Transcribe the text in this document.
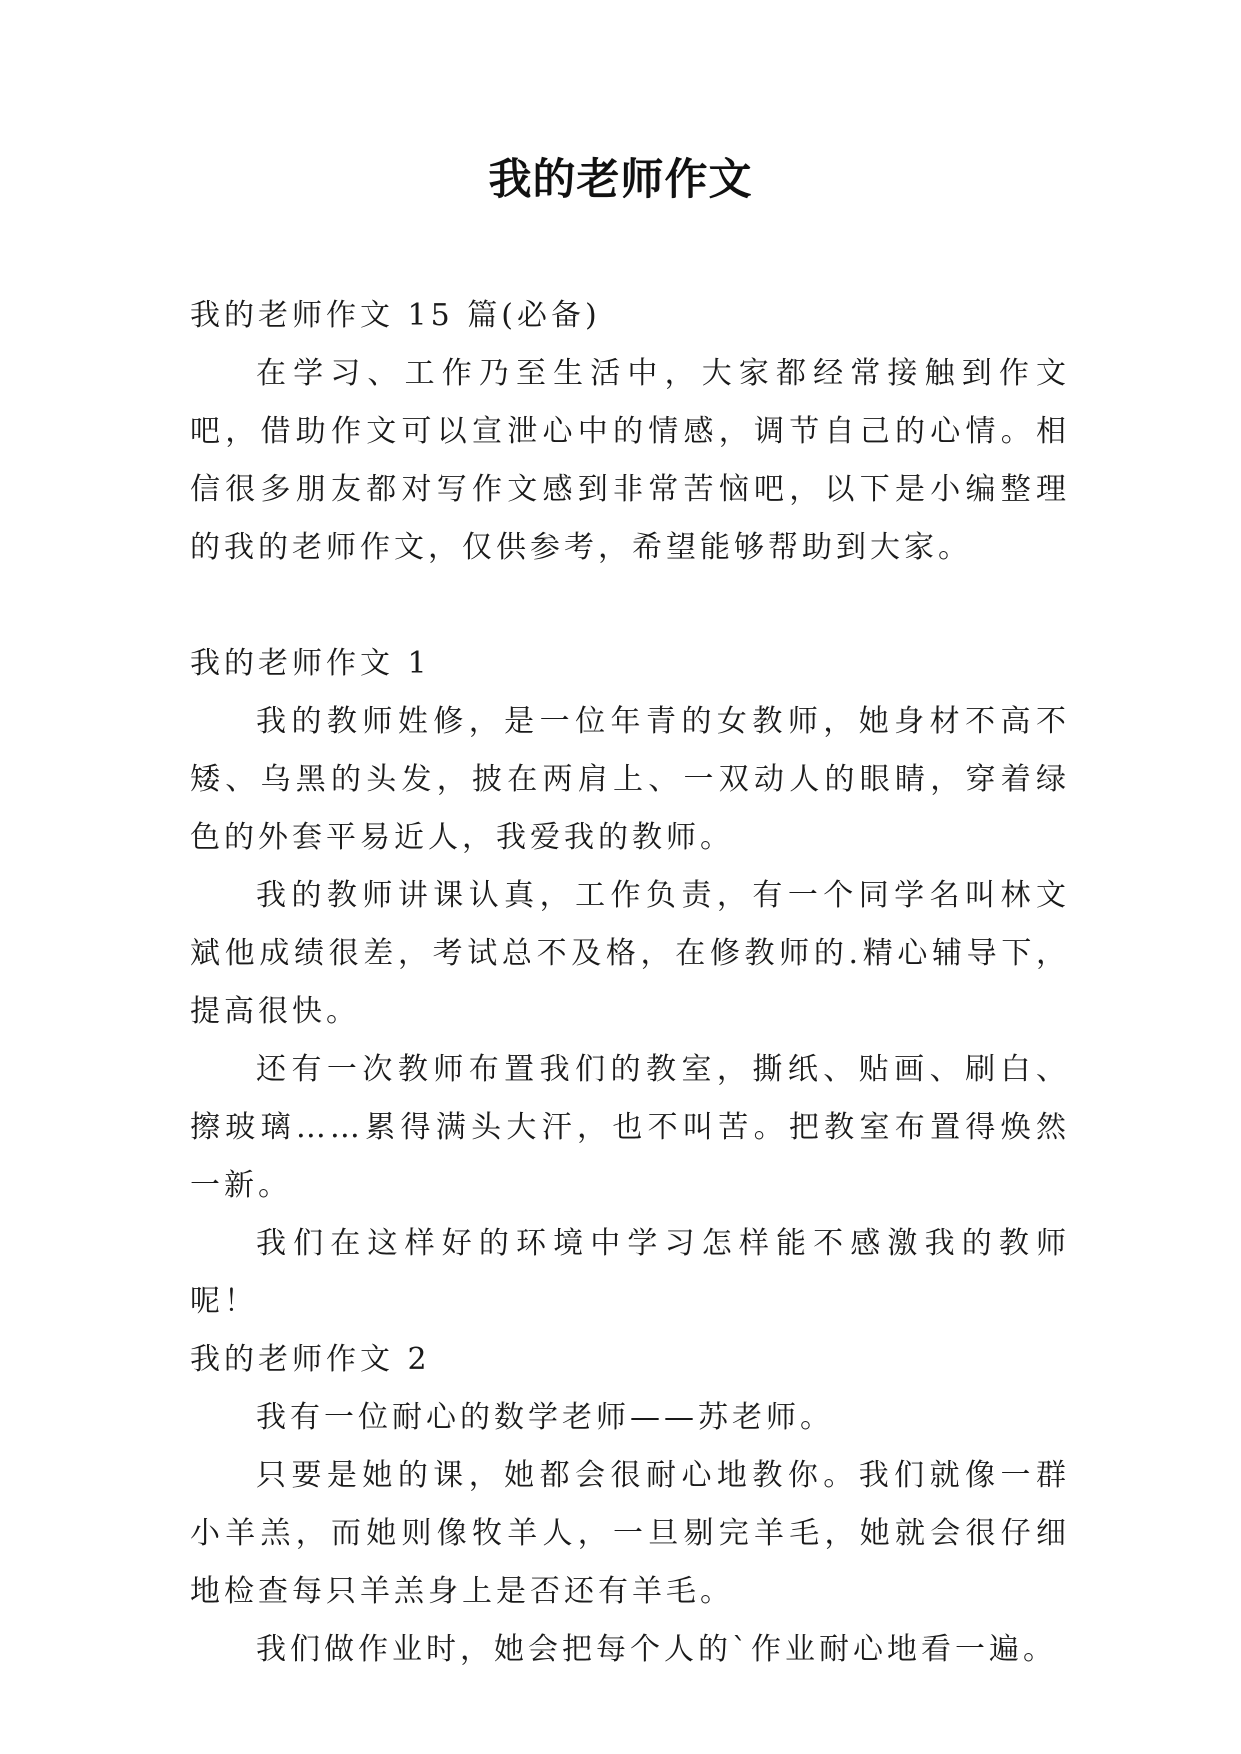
我的老师作文

我的老师作文 15 篇(必备)

在学习、工作乃至生活中，大家都经常接触到作文吧，借助作文可以宣泄心中的情感，调节自己的心情。相信很多朋友都对写作文感到非常苦恼吧，以下是小编整理的我的老师作文，仅供参考，希望能够帮助到大家。

我的老师作文 1

我的教师姓修，是一位年青的女教师，她身材不高不矮、乌黑的头发，披在两肩上、一双动人的眼睛，穿着绿色的外套平易近人，我爱我的教师。

我的教师讲课认真，工作负责，有一个同学名叫林文斌他成绩很差，考试总不及格，在修教师的.精心辅导下，提高很快。

还有一次教师布置我们的教室，撕纸、贴画、刷白、擦玻璃……累得满头大汗，也不叫苦。把教室布置得焕然一新。

我们在这样好的环境中学习怎样能不感激我的教师呢！

我的老师作文 2

我有一位耐心的数学老师——苏老师。

只要是她的课，她都会很耐心地教你。我们就像一群小羊羔，而她则像牧羊人，一旦剔完羊毛，她就会很仔细地检查每只羊羔身上是否还有羊毛。

我们做作业时，她会把每个人的`作业耐心地看一遍。
